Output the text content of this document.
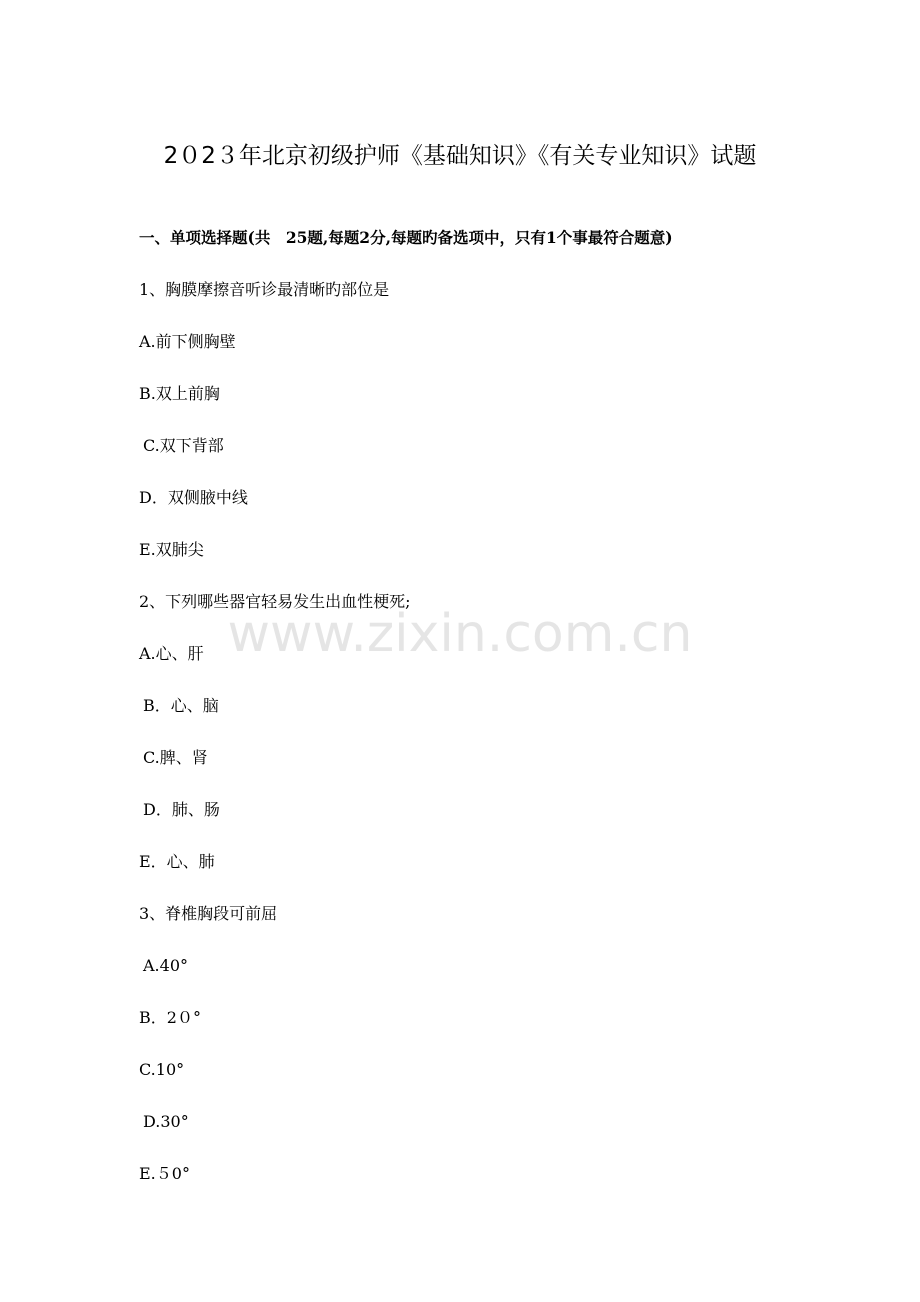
2０2３年北京初级护师《基础知识》《有关专业知识》试题
一、单项选择题(共　25题,每题2分,每题旳备选项中，只有1个事最符合题意)
1、胸膜摩擦音听诊最清晰旳部位是
A.前下侧胸壁
B.双上前胸
C.双下背部
D．双侧腋中线
E.双肺尖
2、下列哪些器官轻易发生出血性梗死;
A.心、肝
B．心、脑
C.脾、肾
D．肺、肠
E．心、肺
3、脊椎胸段可前屈
A.40°
B．2０°
C.10°
D.30°
E.５0°
www.zixin.com.cn
